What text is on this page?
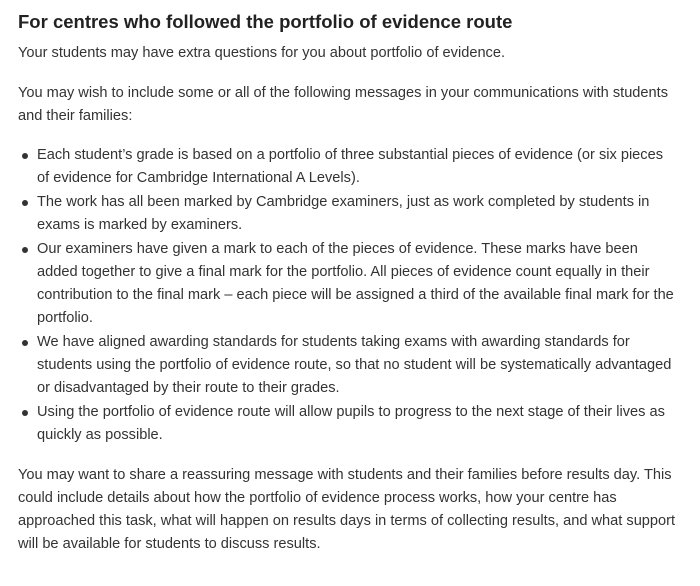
For centres who followed the portfolio of evidence route

Your students may have extra questions for you about portfolio of evidence.

You may wish to include some or all of the following messages in your communications with students and their families:

Each student’s grade is based on a portfolio of three substantial pieces of evidence (or six pieces of evidence for Cambridge International A Levels).
The work has all been marked by Cambridge examiners, just as work completed by students in exams is marked by examiners.
Our examiners have given a mark to each of the pieces of evidence. These marks have been added together to give a final mark for the portfolio. All pieces of evidence count equally in their contribution to the final mark – each piece will be assigned a third of the available final mark for the portfolio.
We have aligned awarding standards for students taking exams with awarding standards for students using the portfolio of evidence route, so that no student will be systematically advantaged or disadvantaged by their route to their grades.
Using the portfolio of evidence route will allow pupils to progress to the next stage of their lives as quickly as possible.

You may want to share a reassuring message with students and their families before results day. This could include details about how the portfolio of evidence process works, how your centre has approached this task, what will happen on results days in terms of collecting results, and what support will be available for students to discuss results.
